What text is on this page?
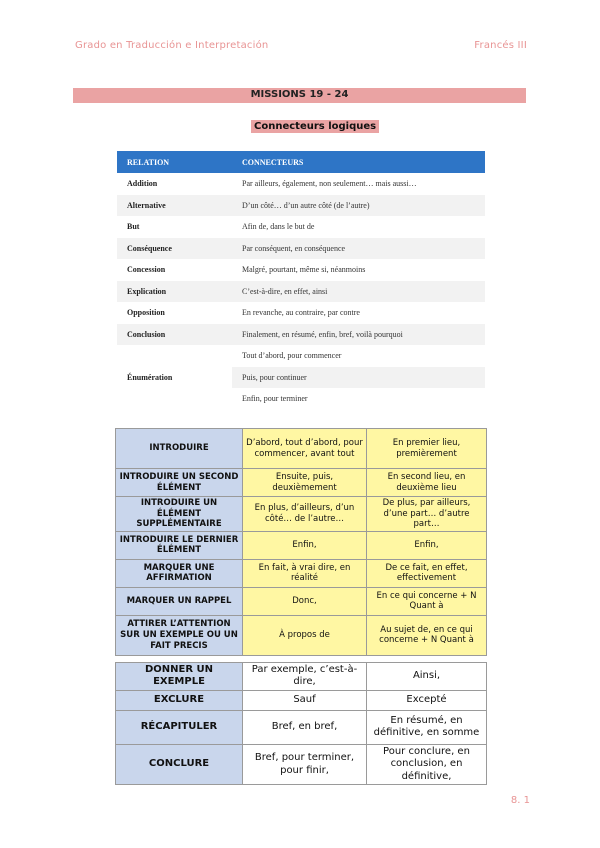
Grado en Traducción e Interpretación	Francés III
MISSIONS 19 - 24
Connecteurs logiques
RELATION	CONNECTEURS
Addition	Par ailleurs, également, non seulement… mais aussi…
Alternative	D’un côté… d’un autre côté (de l’autre)
But	Afin de, dans le but de
Conséquence	Par conséquent, en conséquence
Concession	Malgré, pourtant, même si, néanmoins
Explication	C’est-à-dire, en effet, ainsi
Opposition	En revanche, au contraire, par contre
Conclusion	Finalement, en résumé, enfin, bref, voilà pourquoi
Énumération	Tout d’abord, pour commencer
	Puis, pour continuer
	Enfin, pour terminer
INTRODUIRE	D’abord, tout d’abord, pour commencer, avant tout	En premier lieu, premièrement
INTRODUIRE UN SECOND ÉLÉMENT	Ensuite, puis, deuxièmement	En second lieu, en deuxième lieu
INTRODUIRE UN ÉLÉMENT SUPPLÉMENTAIRE	En plus, d’ailleurs, d’un côté… de l’autre…	De plus, par ailleurs, d’une part… d’autre part…
INTRODUIRE LE DERNIER ÉLÉMENT	Enfin,	Enfin,
MARQUER UNE AFFIRMATION	En fait, à vrai dire, en réalité	De ce fait, en effet, effectivement
MARQUER UN RAPPEL	Donc,	En ce qui concerne + N Quant à
ATTIRER L’ATTENTION SUR UN EXEMPLE OU UN FAIT PRECIS	À propos de	Au sujet de, en ce qui concerne + N Quant à

DONNER UN EXEMPLE	Par exemple, c’est-à-dire,	Ainsi,
EXCLURE	Sauf	Excepté
RÉCAPITULER	Bref, en bref,	En résumé, en définitive, en somme
CONCLURE	Bref, pour terminer, pour finir,	Pour conclure, en conclusion, en définitive,
8. 1
